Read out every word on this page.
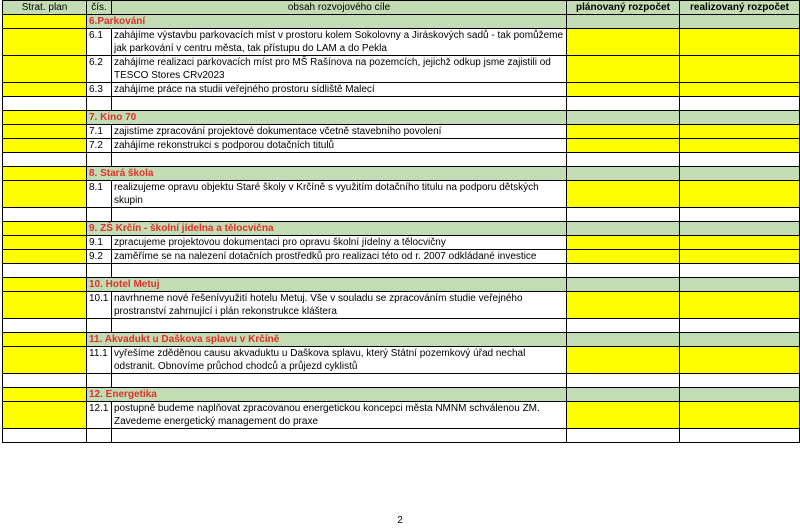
Strat. plan	čís.	obsah rozvojového cíle	plánovaný rozpočet	realizovaný rozpočet
	6.Parkování			
	6.1	zahájíme výstavbu parkovacích míst v prostoru kolem Sokolovny a Jiráskových sadů - tak pomůžeme jak parkování v centru města, tak přístupu do LAM a do Pekla		
	6.2	zahájíme realizaci parkovacích míst pro MŠ Rašínova na pozemcích, jejichž odkup jsme zajistili od TESCO Stores CRv2023		
	6.3	zahájíme práce na studii veřejného prostoru sídliště Malecí		

	7. Kino 70			
	7.1	zajistíme zpracování projektové dokumentace včetně stavebního povolení		
	7.2	zahájíme rekonstrukci s podporou dotačních titulů		

	8. Stará škola			
	8.1	realizujeme opravu objektu Staré školy v Krčíně s využitím dotačního titulu na podporu dětských skupin		

	9. ZŠ Krčín - školní jídelna a tělocvična			
	9.1	zpracujeme projektovou dokumentaci pro opravu školní jídelny a tělocvičny		
	9.2	zaměříme se na nalezení dotačních prostředků pro realizaci této od r. 2007 odkládané investice		

	10. Hotel Metuj			
	10.1	navrhneme nové řešenívyužití hotelu Metuj. Vše v souladu se zpracováním studie veřejného prostranství zahrnující i plán rekonstrukce kláštera		

	11. Akvadukt u Daškova splavu v Krčíně			
	11.1	vyřešíme zděděnou causu akvaduktu u Daškova splavu, který Státní pozemkový úřad nechal odstranit. Obnovíme průchod chodců a průjezd cyklistů		

	12. Energetika			
	12.1	postupně budeme naplňovat zpracovanou energetickou koncepci města NMNM schválenou ZM. Zavedeme energetický management do praxe		

2
